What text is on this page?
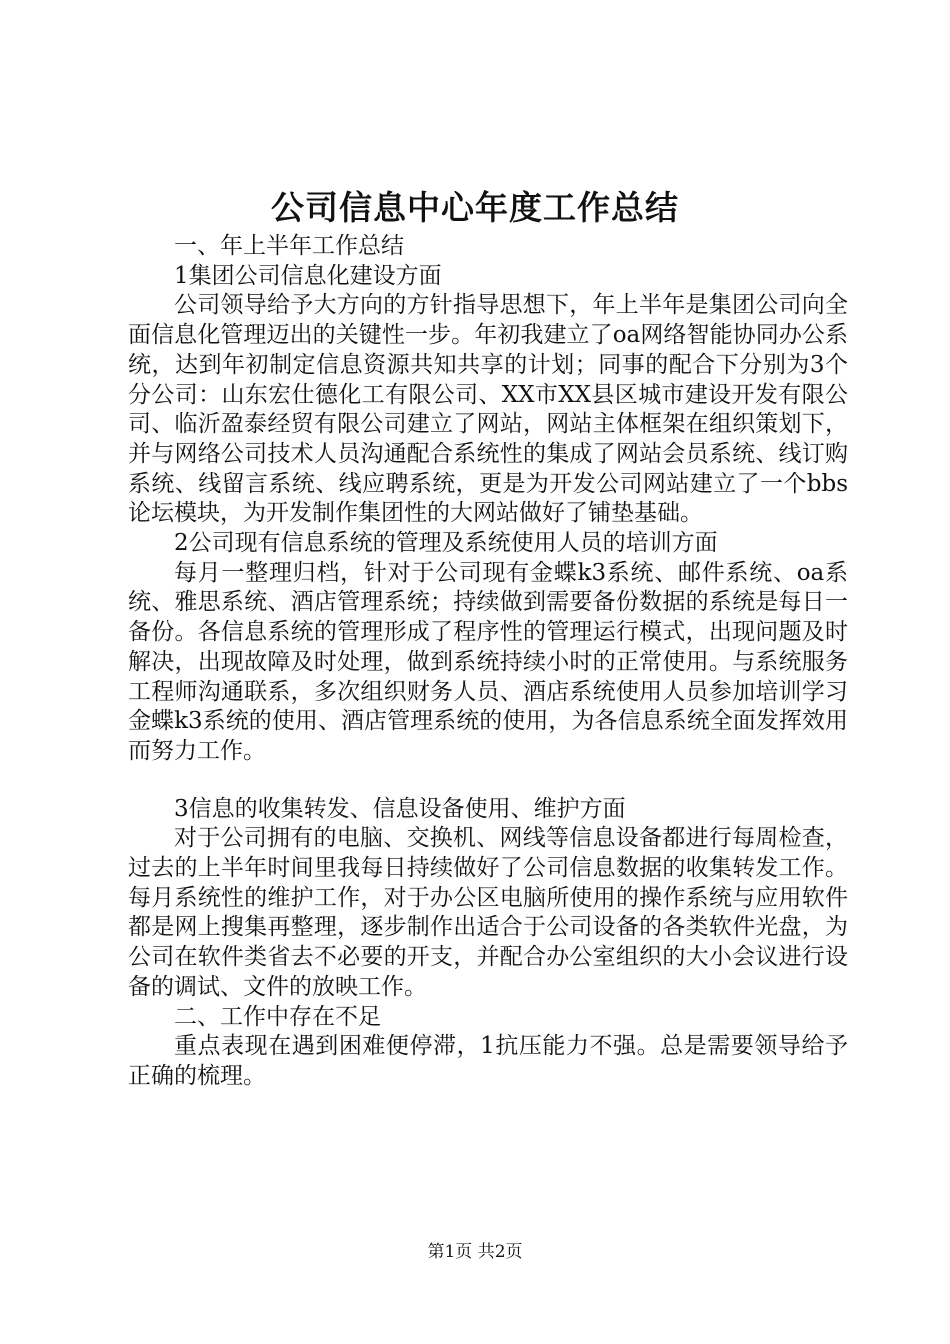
公司信息中心年度工作总结

一、年上半年工作总结

1集团公司信息化建设方面

公司领导给予大方向的方针指导思想下，年上半年是集团公司向全面信息化管理迈出的关键性一步。年初我建立了oa网络智能协同办公系统，达到年初制定信息资源共知共享的计划；同事的配合下分别为3个分公司：山东宏仕德化工有限公司、XX市XX县区城市建设开发有限公司、临沂盈泰经贸有限公司建立了网站，网站主体框架在组织策划下，并与网络公司技术人员沟通配合系统性的集成了网站会员系统、线订购系统、线留言系统、线应聘系统，更是为开发公司网站建立了一个bbs论坛模块，为开发制作集团性的大网站做好了铺垫基础。

2公司现有信息系统的管理及系统使用人员的培训方面

每月一整理归档，针对于公司现有金蝶k3系统、邮件系统、oa系统、雅思系统、酒店管理系统；持续做到需要备份数据的系统是每日一备份。各信息系统的管理形成了程序性的管理运行模式，出现问题及时解决，出现故障及时处理，做到系统持续小时的正常使用。与系统服务工程师沟通联系，多次组织财务人员、酒店系统使用人员参加培训学习金蝶k3系统的使用、酒店管理系统的使用，为各信息系统全面发挥效用而努力工作。

3信息的收集转发、信息设备使用、维护方面

对于公司拥有的电脑、交换机、网线等信息设备都进行每周检查，过去的上半年时间里我每日持续做好了公司信息数据的收集转发工作。每月系统性的维护工作，对于办公区电脑所使用的操作系统与应用软件都是网上搜集再整理，逐步制作出适合于公司设备的各类软件光盘，为公司在软件类省去不必要的开支，并配合办公室组织的大小会议进行设备的调试、文件的放映工作。

二、工作中存在不足

重点表现在遇到困难便停滞，1抗压能力不强。总是需要领导给予正确的梳理。

第1页 共2页
